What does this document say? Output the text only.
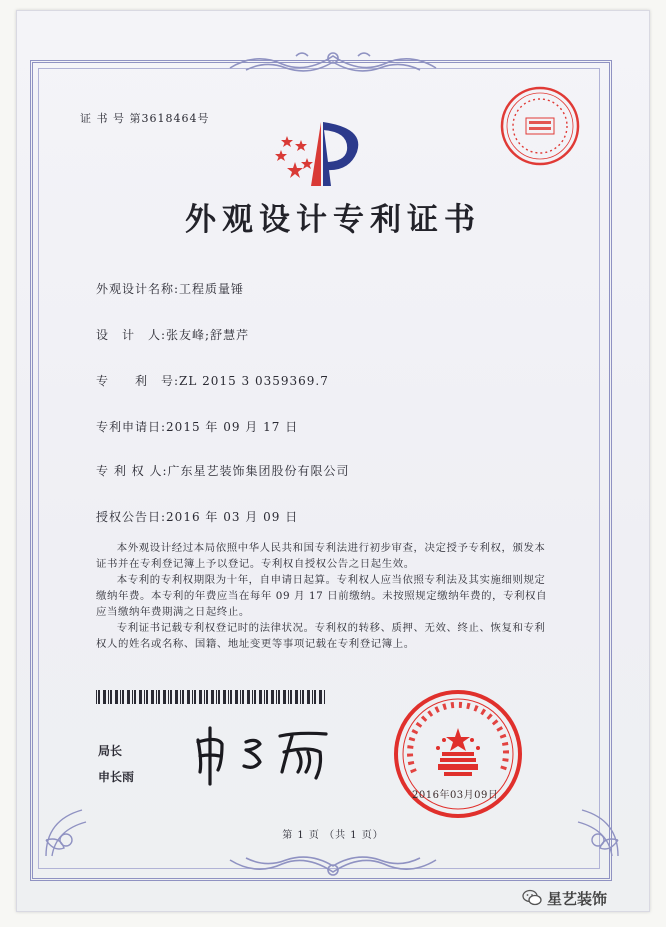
证 书 号 第3618464号
外观设计专利证书
外观设计名称:工程质量锤
设　计　人:张友峰;舒慧芹
专　　利　号:ZL 2015 3 0359369.7
专利申请日:2015 年 09 月 17 日
专 利 权 人:广东星艺装饰集团股份有限公司
授权公告日:2016 年 03 月 09 日

本外观设计经过本局依照中华人民共和国专利法进行初步审查，决定授予专利权，颁发本证书并在专利登记簿上予以登记。专利权自授权公告之日起生效。

本专利的专利权期限为十年，自申请日起算。专利权人应当依照专利法及其实施细则规定缴纳年费。本专利的年费应当在每年 09 月 17 日前缴纳。未按照规定缴纳年费的，专利权自应当缴纳年费期满之日起终止。

专利证书记载专利权登记时的法律状况。专利权的转移、质押、无效、终止、恢复和专利权人的姓名或名称、国籍、地址变更等事项记载在专利登记簿上。

局长
申长雨
2016年03月09日
第 1 页 （共 1 页）
星艺装饰
